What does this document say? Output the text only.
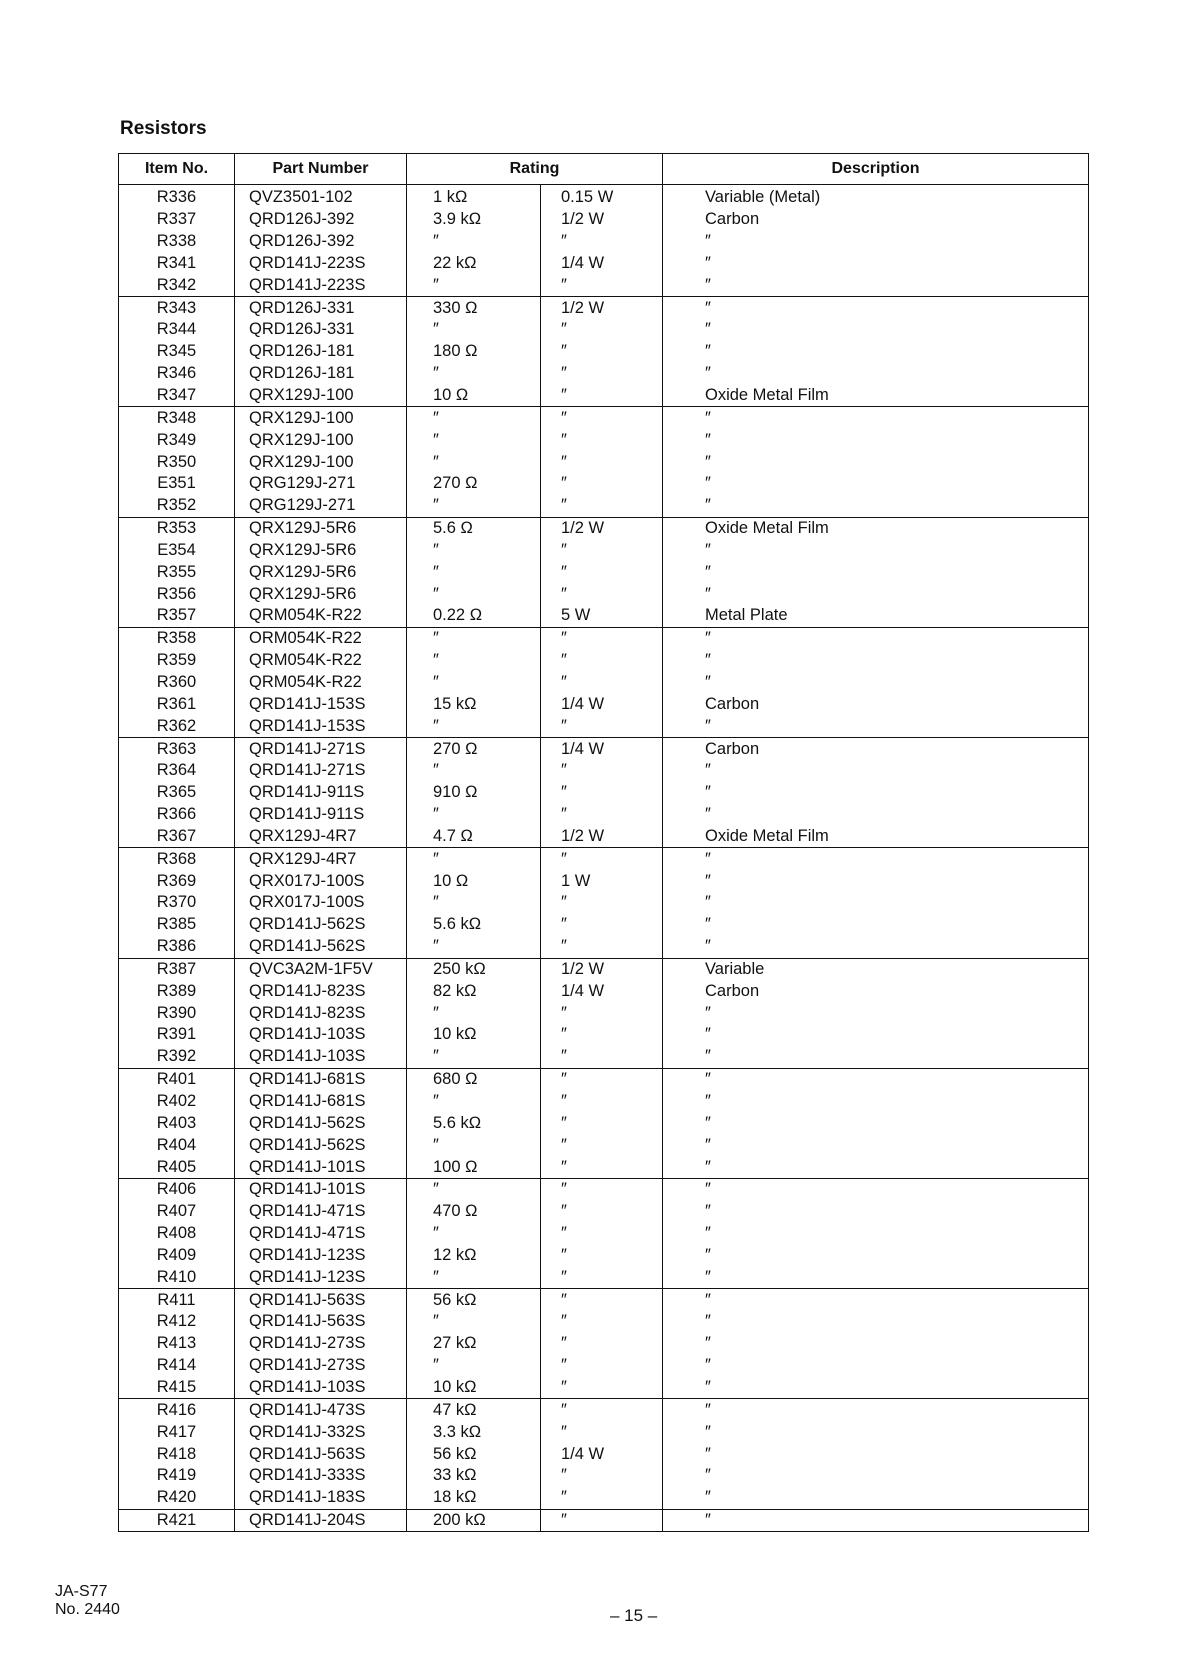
Resistors
Item No.	Part Number	Rating		Description
R336	QVZ3501-102	1 kΩ	0.15 W	Variable (Metal)
R337	QRD126J-392	3.9 kΩ	1/2 W	Carbon
R338	QRD126J-392	″	″	″
R341	QRD141J-223S	22 kΩ	1/4 W	″
R342	QRD141J-223S	″	″	″
R343	QRD126J-331	330 Ω	1/2 W	″
R344	QRD126J-331	″	″	″
R345	QRD126J-181	180 Ω	″	″
R346	QRD126J-181	″	″	″
R347	QRX129J-100	10 Ω	″	Oxide Metal Film
R348	QRX129J-100	″	″	″
R349	QRX129J-100	″	″	″
R350	QRX129J-100	″	″	″
E351	QRG129J-271	270 Ω	″	″
R352	QRG129J-271	″	″	″
R353	QRX129J-5R6	5.6 Ω	1/2 W	Oxide Metal Film
E354	QRX129J-5R6	″	″	″
R355	QRX129J-5R6	″	″	″
R356	QRX129J-5R6	″	″	″
R357	QRM054K-R22	0.22 Ω	5 W	Metal Plate
R358	ORM054K-R22	″	″	″
R359	QRM054K-R22	″	″	″
R360	QRM054K-R22	″	″	″
R361	QRD141J-153S	15 kΩ	1/4 W	Carbon
R362	QRD141J-153S	″	″	″
R363	QRD141J-271S	270 Ω	1/4 W	Carbon
R364	QRD141J-271S	″	″	″
R365	QRD141J-911S	910 Ω	″	″
R366	QRD141J-911S	″	″	″
R367	QRX129J-4R7	4.7 Ω	1/2 W	Oxide Metal Film
R368	QRX129J-4R7	″	″	″
R369	QRX017J-100S	10 Ω	1 W	″
R370	QRX017J-100S	″	″	″
R385	QRD141J-562S	5.6 kΩ	″	″
R386	QRD141J-562S	″	″	″
R387	QVC3A2M-1F5V	250 kΩ	1/2 W	Variable
R389	QRD141J-823S	82 kΩ	1/4 W	Carbon
R390	QRD141J-823S	″	″	″
R391	QRD141J-103S	10 kΩ	″	″
R392	QRD141J-103S	″	″	″
R401	QRD141J-681S	680 Ω	″	″
R402	QRD141J-681S	″	″	″
R403	QRD141J-562S	5.6 kΩ	″	″
R404	QRD141J-562S	″	″	″
R405	QRD141J-101S	100 Ω	″	″
R406	QRD141J-101S	″	″	″
R407	QRD141J-471S	470 Ω	″	″
R408	QRD141J-471S	″	″	″
R409	QRD141J-123S	12 kΩ	″	″
R410	QRD141J-123S	″	″	″
R411	QRD141J-563S	56 kΩ	″	″
R412	QRD141J-563S	″	″	″
R413	QRD141J-273S	27 kΩ	″	″
R414	QRD141J-273S	″	″	″
R415	QRD141J-103S	10 kΩ	″	″
R416	QRD141J-473S	47 kΩ	″	″
R417	QRD141J-332S	3.3 kΩ	″	″
R418	QRD141J-563S	56 kΩ	1/4 W	″
R419	QRD141J-333S	33 kΩ	″	″
R420	QRD141J-183S	18 kΩ	″	″
R421	QRD141J-204S	200 kΩ	″	″
JA-S77
No. 2440	– 15 –
